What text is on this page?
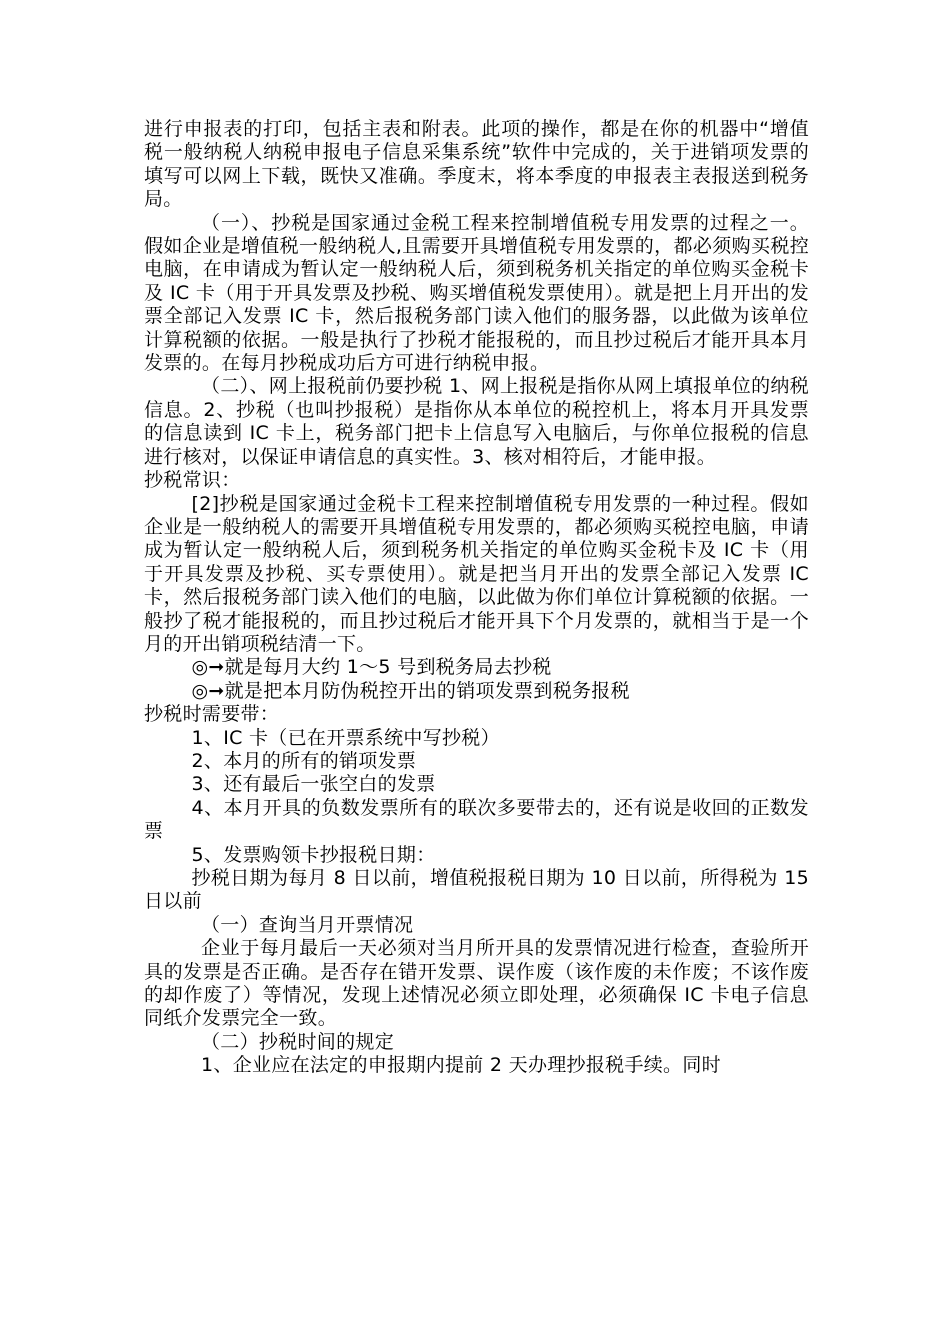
进行申报表的打印，包括主表和附表。此项的操作，都是在你的机器中“增值税一般纳税人纳税申报电子信息采集系统”软件中完成的，关于进销项发票的填写可以网上下载，既快又准确。季度末，将本季度的申报表主表报送到税务局。

（一）、抄税是国家通过金税工程来控制增值税专用发票的过程之一。假如企业是增值税一般纳税人,且需要开具增值税专用发票的，都必须购买税控电脑，在申请成为暂认定一般纳税人后，须到税务机关指定的单位购买金税卡及 IC 卡（用于开具发票及抄税、购买增值税发票使用）。就是把上月开出的发票全部记入发票 IC 卡，然后报税务部门读入他们的服务器，以此做为该单位计算税额的依据。一般是执行了抄税才能报税的，而且抄过税后才能开具本月发票的。在每月抄税成功后方可进行纳税申报。

（二）、网上报税前仍要抄税 1、网上报税是指你从网上填报单位的纳税信息。2、抄税（也叫抄报税）是指你从本单位的税控机上，将本月开具发票的信息读到 IC 卡上，税务部门把卡上信息写入电脑后，与你单位报税的信息进行核对，以保证申请信息的真实性。3、核对相符后，才能申报。

抄税常识：

[2]抄税是国家通过金税卡工程来控制增值税专用发票的一种过程。假如企业是一般纳税人的需要开具增值税专用发票的，都必须购买税控电脑，申请成为暂认定一般纳税人后，须到税务机关指定的单位购买金税卡及 IC 卡（用于开具发票及抄税、买专票使用）。就是把当月开出的发票全部记入发票 IC 卡，然后报税务部门读入他们的电脑，以此做为你们单位计算税额的依据。一般抄了税才能报税的，而且抄过税后才能开具下个月发票的，就相当于是一个月的开出销项税结清一下。

◎➞就是每月大约 1～5 号到税务局去抄税

◎➞就是把本月防伪税控开出的销项发票到税务报税

抄税时需要带：

1、IC 卡（已在开票系统中写抄税）

2、本月的所有的销项发票

3、还有最后一张空白的发票

4、本月开具的负数发票所有的联次多要带去的，还有说是收回的正数发票

5、发票购领卡抄报税日期：

抄税日期为每月 8 日以前，增值税报税日期为 10 日以前，所得税为 15 日以前

（一）查询当月开票情况

企业于每月最后一天必须对当月所开具的发票情况进行检查，查验所开具的发票是否正确。是否存在错开发票、误作废（该作废的未作废；不该作废的却作废了）等情况，发现上述情况必须立即处理，必须确保 IC 卡电子信息同纸介发票完全一致。

（二）抄税时间的规定

1、企业应在法定的申报期内提前 2 天办理抄报税手续。同时
